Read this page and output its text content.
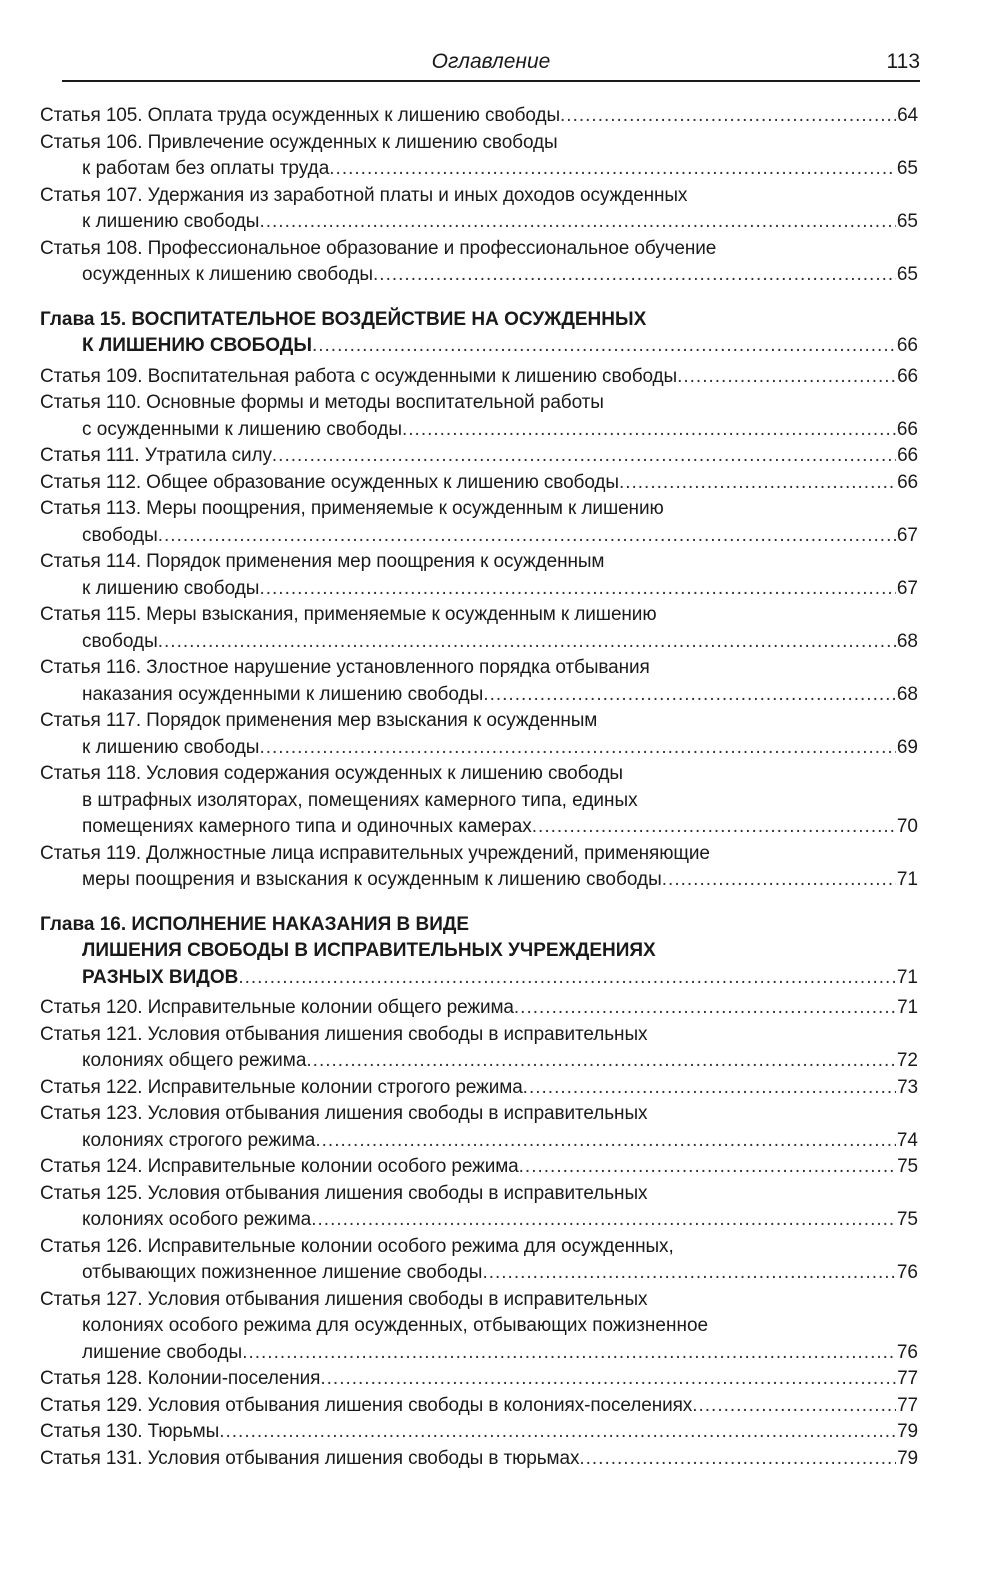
Оглавление	113
Статья 105. Оплата труда осужденных к лишению свободы .....	64
Статья 106. Привлечение осужденных к лишению свободы
к работам без оплаты труда .....	65
Статья 107. Удержания из заработной платы и иных доходов осужденных
к лишению свободы .....	65
Статья 108. Профессиональное образование и профессиональное обучение
осужденных к лишению свободы .....	65
Глава 15. ВОСПИТАТЕЛЬНОЕ ВОЗДЕЙСТВИЕ НА ОСУЖДЕННЫХ
К ЛИШЕНИЮ СВОБОДЫ .....	66
Статья 109. Воспитательная работа с осужденными к лишению свободы .....	66
Статья 110. Основные формы и методы воспитательной работы
с осужденными к лишению свободы .....	66
Статья 111. Утратила силу .....	66
Статья 112. Общее образование осужденных к лишению свободы .....	66
Статья 113. Меры поощрения, применяемые к осужденным к лишению
свободы .....	67
Статья 114. Порядок применения мер поощрения к осужденным
к лишению свободы .....	67
Статья 115. Меры взыскания, применяемые к осужденным к лишению
свободы .....	68
Статья 116. Злостное нарушение установленного порядка отбывания
наказания осужденными к лишению свободы .....	68
Статья 117. Порядок применения мер взыскания к осужденным
к лишению свободы .....	69
Статья 118. Условия содержания осужденных к лишению свободы
в штрафных изоляторах, помещениях камерного типа, единых
помещениях камерного типа и одиночных камерах .....	70
Статья 119. Должностные лица исправительных учреждений, применяющие
меры поощрения и взыскания к осужденным к лишению свободы .....	71
Глава 16. ИСПОЛНЕНИЕ НАКАЗАНИЯ В ВИДЕ
ЛИШЕНИЯ СВОБОДЫ В ИСПРАВИТЕЛЬНЫХ УЧРЕЖДЕНИЯХ
РАЗНЫХ ВИДОВ .....	71
Статья 120. Исправительные колонии общего режима .....	71
Статья 121. Условия отбывания лишения свободы в исправительных
колониях общего режима .....	72
Статья 122. Исправительные колонии строгого режима .....	73
Статья 123. Условия отбывания лишения свободы в исправительных
колониях строгого режима .....	74
Статья 124. Исправительные колонии особого режима .....	75
Статья 125. Условия отбывания лишения свободы в исправительных
колониях особого режима .....	75
Статья 126. Исправительные колонии особого режима для осужденных,
отбывающих пожизненное лишение свободы .....	76
Статья 127. Условия отбывания лишения свободы в исправительных
колониях особого режима для осужденных, отбывающих пожизненное
лишение свободы .....	76
Статья 128. Колонии-поселения .....	77
Статья 129. Условия отбывания лишения свободы в колониях-поселениях .....	77
Статья 130. Тюрьмы .....	79
Статья 131. Условия отбывания лишения свободы в тюрьмах .....	79
